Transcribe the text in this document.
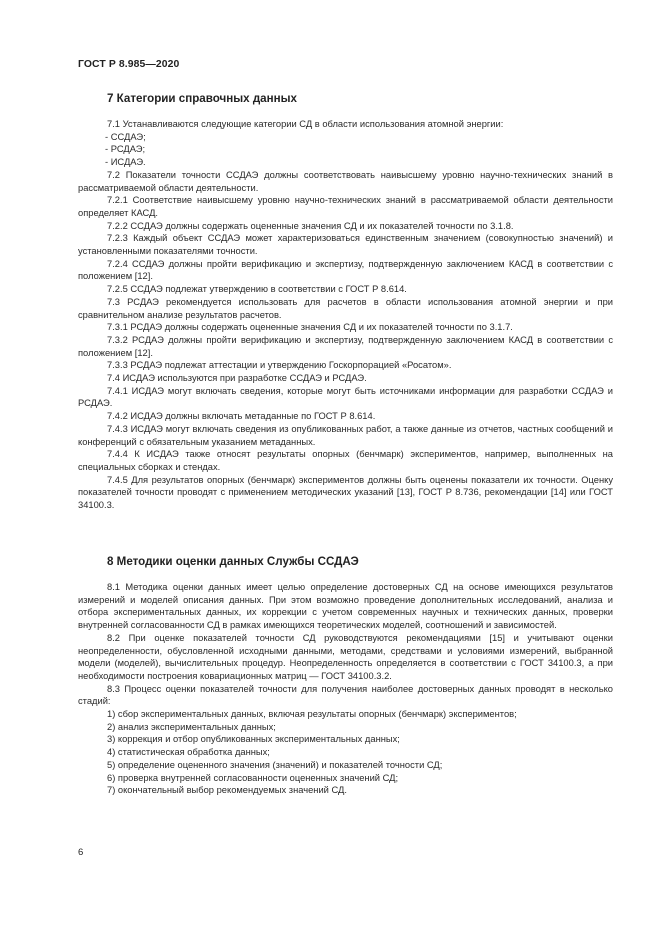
ГОСТ Р 8.985—2020
7 Категории справочных данных

7.1 Устанавливаются следующие категории СД в области использования атомной энергии:

- ССДАЭ;

- РСДАЭ;

- ИСДАЭ.

7.2 Показатели точности ССДАЭ должны соответствовать наивысшему уровню научно-технических знаний в рассматриваемой области деятельности.

7.2.1 Соответствие наивысшему уровню научно-технических знаний в рассматриваемой области деятельности определяет КАСД.

7.2.2 ССДАЭ должны содержать оцененные значения СД и их показателей точности по 3.1.8.

7.2.3 Каждый объект ССДАЭ может характеризоваться единственным значением (совокупностью значений) и установленными показателями точности.

7.2.4 ССДАЭ должны пройти верификацию и экспертизу, подтвержденную заключением КАСД в соответствии с положением [12].

7.2.5 ССДАЭ подлежат утверждению в соответствии с ГОСТ Р 8.614.

7.3 РСДАЭ рекомендуется использовать для расчетов в области использования атомной энергии и при сравнительном анализе результатов расчетов.

7.3.1 РСДАЭ должны содержать оцененные значения СД и их показателей точности по 3.1.7.

7.3.2 РСДАЭ должны пройти верификацию и экспертизу, подтвержденную заключением КАСД в соответствии с положением [12].

7.3.3 РСДАЭ подлежат аттестации и утверждению Госкорпорацией «Росатом».

7.4 ИСДАЭ используются при разработке ССДАЭ и РСДАЭ.

7.4.1 ИСДАЭ могут включать сведения, которые могут быть источниками информации для разработки ССДАЭ и РСДАЭ.

7.4.2 ИСДАЭ должны включать метаданные по ГОСТ Р 8.614.

7.4.3 ИСДАЭ могут включать сведения из опубликованных работ, а также данные из отчетов, частных сообщений и конференций с обязательным указанием метаданных.

7.4.4 К ИСДАЭ также относят результаты опорных (бенчмарк) экспериментов, например, выполненных на специальных сборках и стендах.

7.4.5 Для результатов опорных (бенчмарк) экспериментов должны быть оценены показатели их точности. Оценку показателей точности проводят с применением методических указаний [13], ГОСТ Р 8.736, рекомендации [14] или ГОСТ 34100.3.

8 Методики оценки данных Службы ССДАЭ

8.1 Методика оценки данных имеет целью определение достоверных СД на основе имеющихся результатов измерений и моделей описания данных. При этом возможно проведение дополнительных исследований, анализа и отбора экспериментальных данных, их коррекции с учетом современных научных и технических данных, проверки внутренней согласованности СД в рамках имеющихся теоретических моделей, соотношений и зависимостей.

8.2 При оценке показателей точности СД руководствуются рекомендациями [15] и учитывают оценки неопределенности, обусловленной исходными данными, методами, средствами и условиями измерений, выбранной модели (моделей), вычислительных процедур. Неопределенность определяется в соответствии с ГОСТ 34100.3, а при необходимости построения ковариационных матриц — ГОСТ 34100.3.2.

8.3 Процесс оценки показателей точности для получения наиболее достоверных данных проводят в несколько стадий:

1) сбор экспериментальных данных, включая результаты опорных (бенчмарк) экспериментов;

2) анализ экспериментальных данных;

3) коррекция и отбор опубликованных экспериментальных данных;

4) статистическая обработка данных;

5) определение оцененного значения (значений) и показателей точности СД;

6) проверка внутренней согласованности оцененных значений СД;

7) окончательный выбор рекомендуемых значений СД.

6
